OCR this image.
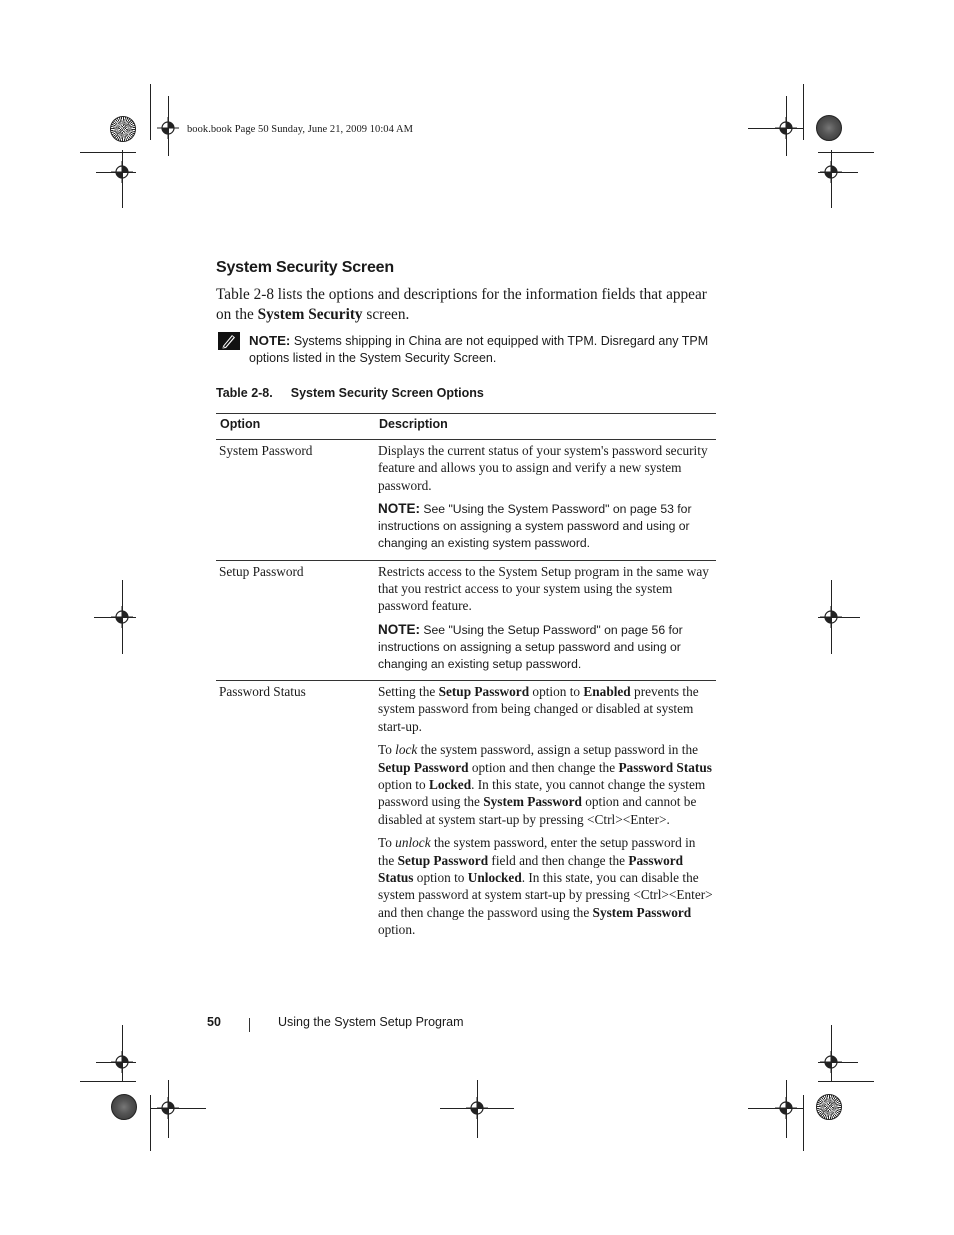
book.book Page 50 Sunday, June 21, 2009 10:04 AM
System Security Screen
Table 2-8 lists the options and descriptions for the information fields that appear on the System Security screen.
NOTE: Systems shipping in China are not equipped with TPM. Disregard any TPM options listed in the System Security Screen.
Table 2-8. System Security Screen Options
Option	Description
System Password	Displays the current status of your system's password security feature and allows you to assign and verify a new system password.

NOTE: See "Using the System Password" on page 53 for instructions on assigning a system password and using or changing an existing system password.

Setup Password	Restricts access to the System Setup program in the same way that you restrict access to your system using the system password feature.

NOTE: See "Using the Setup Password" on page 56 for instructions on assigning a setup password and using or changing an existing setup password.

Password Status	Setting the Setup Password option to Enabled prevents the system password from being changed or disabled at system start-up.

To lock the system password, assign a setup password in the Setup Password option and then change the Password Status option to Locked. In this state, you cannot change the system password using the System Password option and cannot be disabled at system start-up by pressing <Ctrl><Enter>.

To unlock the system password, enter the setup password in the Setup Password field and then change the Password Status option to Unlocked. In this state, you can disable the system password at system start-up by pressing <Ctrl><Enter> and then change the password using the System Password option.

50	Using the System Setup Program
